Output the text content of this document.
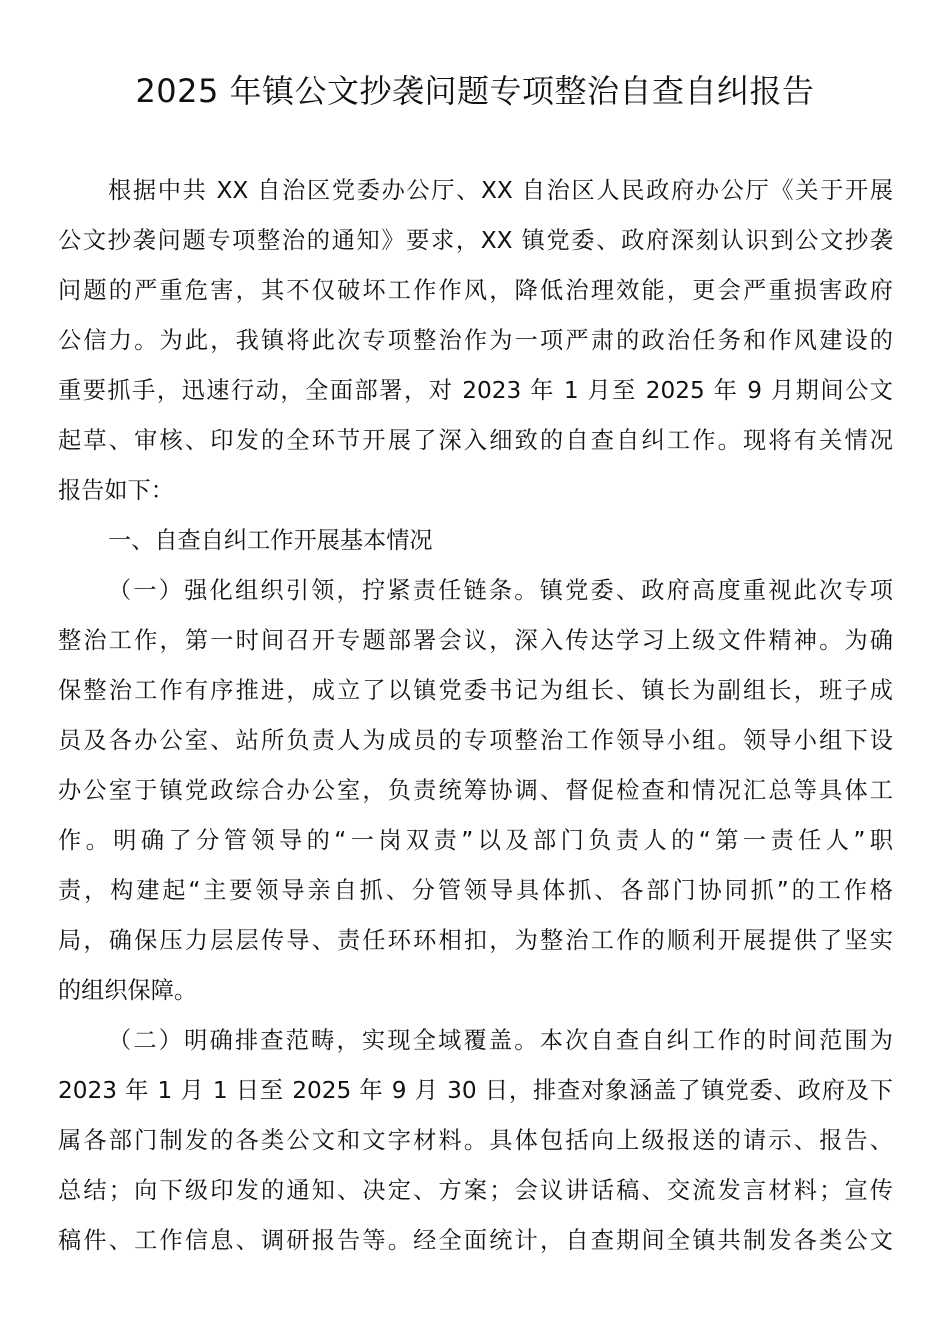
2025 年镇公文抄袭问题专项整治自查自纠报告
根据中共 XX 自治区党委办公厅、XX 自治区人民政府办公厅《关于开展
公文抄袭问题专项整治的通知》要求，XX 镇党委、政府深刻认识到公文抄袭
问题的严重危害，其不仅破坏工作作风，降低治理效能，更会严重损害政府
公信力。为此，我镇将此次专项整治作为一项严肃的政治任务和作风建设的
重要抓手，迅速行动，全面部署，对 2023 年 1 月至 2025 年 9 月期间公文
起草、审核、印发的全环节开展了深入细致的自查自纠工作。现将有关情况
报告如下：
一、自查自纠工作开展基本情况
（一）强化组织引领，拧紧责任链条。镇党委、政府高度重视此次专项
整治工作，第一时间召开专题部署会议，深入传达学习上级文件精神。为确
保整治工作有序推进，成立了以镇党委书记为组长、镇长为副组长，班子成
员及各办公室、站所负责人为成员的专项整治工作领导小组。领导小组下设
办公室于镇党政综合办公室，负责统筹协调、督促检查和情况汇总等具体工
作。明确了分管领导的“一岗双责”以及部门负责人的“第一责任人”职
责，构建起“主要领导亲自抓、分管领导具体抓、各部门协同抓”的工作格
局，确保压力层层传导、责任环环相扣，为整治工作的顺利开展提供了坚实
的组织保障。
（二）明确排查范畴，实现全域覆盖。本次自查自纠工作的时间范围为
2023 年 1 月 1 日至 2025 年 9 月 30 日，排查对象涵盖了镇党委、政府及下
属各部门制发的各类公文和文字材料。具体包括向上级报送的请示、报告、
总结；向下级印发的通知、决定、方案；会议讲话稿、交流发言材料；宣传
稿件、工作信息、调研报告等。经全面统计，自查期间全镇共制发各类公文
